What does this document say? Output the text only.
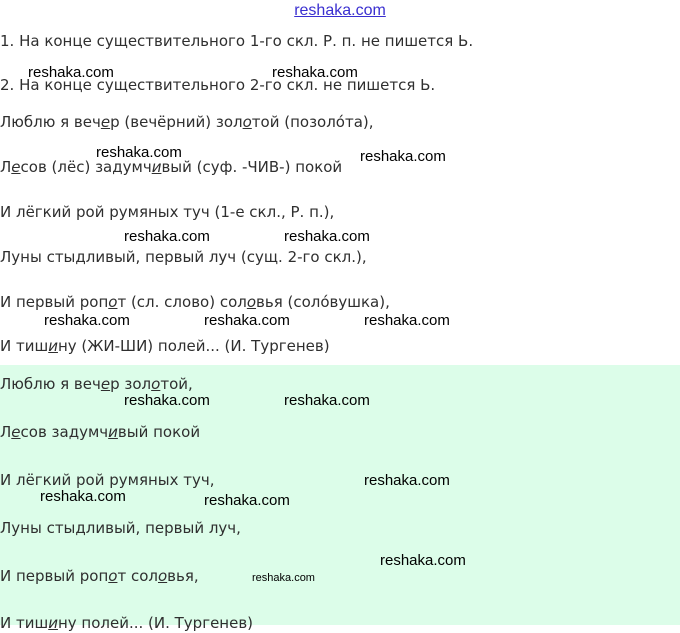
reshaka.com
1. На конце существительного 1-го скл. Р. п. не пишется Ь.
2. На конце существительного 2-го скл. не пишется Ь.
Люблю я вечер (вечёрний) золотой (позоло́та),
Лесов (лёс) задумчивый (суф. -ЧИВ-) покой
И лёгкий рой румяных туч (1-е скл., Р. п.),
Луны стыдливый, первый луч (сущ. 2-го скл.),
И первый ропот (сл. слово) соловья (соло́вушка),
И тишину (ЖИ-ШИ) полей... (И. Тургенев)
Люблю я вечер золотой,
Лесов задумчивый покой
И лёгкий рой румяных туч,
Луны стыдливый, первый луч,
И первый ропот соловья,
И тишину полей... (И. Тургенев)
reshaka.com	reshaka.com
reshaka.com	reshaka.com
reshaka.com	reshaka.com
reshaka.com	reshaka.com	reshaka.com
reshaka.com	reshaka.com
reshaka.com
reshaka.com	reshaka.com
reshaka.com
reshaka.com
